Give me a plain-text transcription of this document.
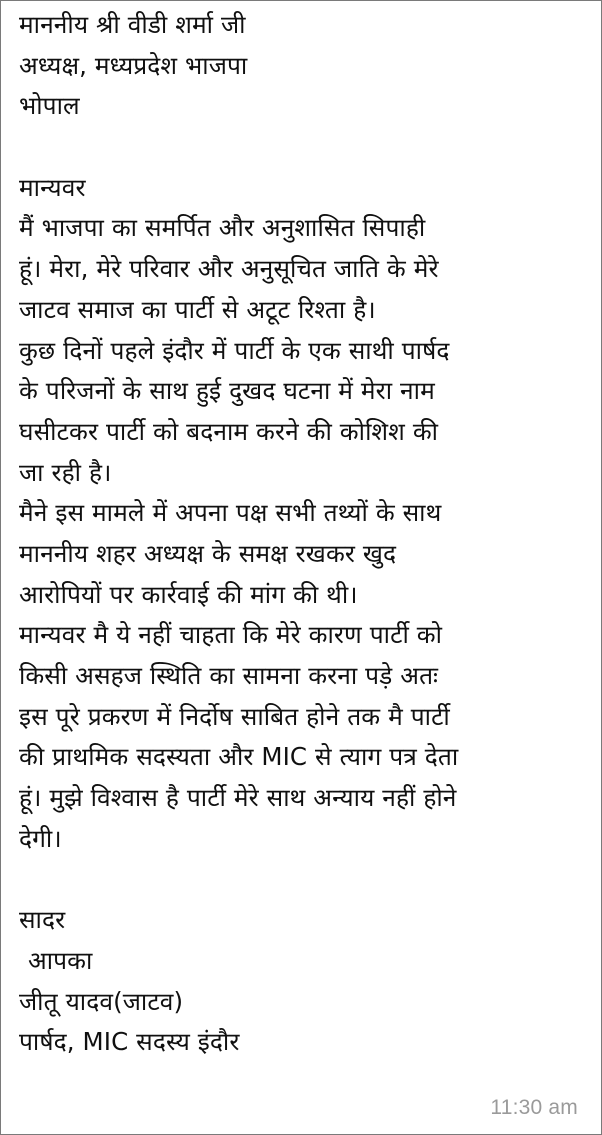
माननीय श्री वीडी शर्मा जी
अध्यक्ष, मध्यप्रदेश भाजपा
भोपाल
मान्यवर
मैं भाजपा का समर्पित और अनुशासित सिपाही
हूं। मेरा, मेरे परिवार और अनुसूचित जाति के मेरे
जाटव समाज का पार्टी से अटूट रिश्ता है।
कुछ दिनों पहले इंदौर में पार्टी के एक साथी पार्षद
के परिजनों के साथ हुई दुखद घटना में मेरा नाम
घसीटकर पार्टी को बदनाम करने की कोशिश की
जा रही है।
मैने इस मामले में अपना पक्ष सभी तथ्यों के साथ
माननीय शहर अध्यक्ष के समक्ष रखकर खुद
आरोपियों पर कार्रवाई की मांग की थी।
मान्यवर मै ये नहीं चाहता कि मेरे कारण पार्टी को
किसी असहज स्थिति का सामना करना पड़े अतः
इस पूरे प्रकरण में निर्दोष साबित होने तक मै पार्टी
की प्राथमिक सदस्यता और MIC से त्याग पत्र देता
हूं। मुझे विश्वास है पार्टी मेरे साथ अन्याय नहीं होने
देगी।
सादर
आपका
जीतू यादव(जाटव)
पार्षद, MIC सदस्य इंदौर
11:30 am
